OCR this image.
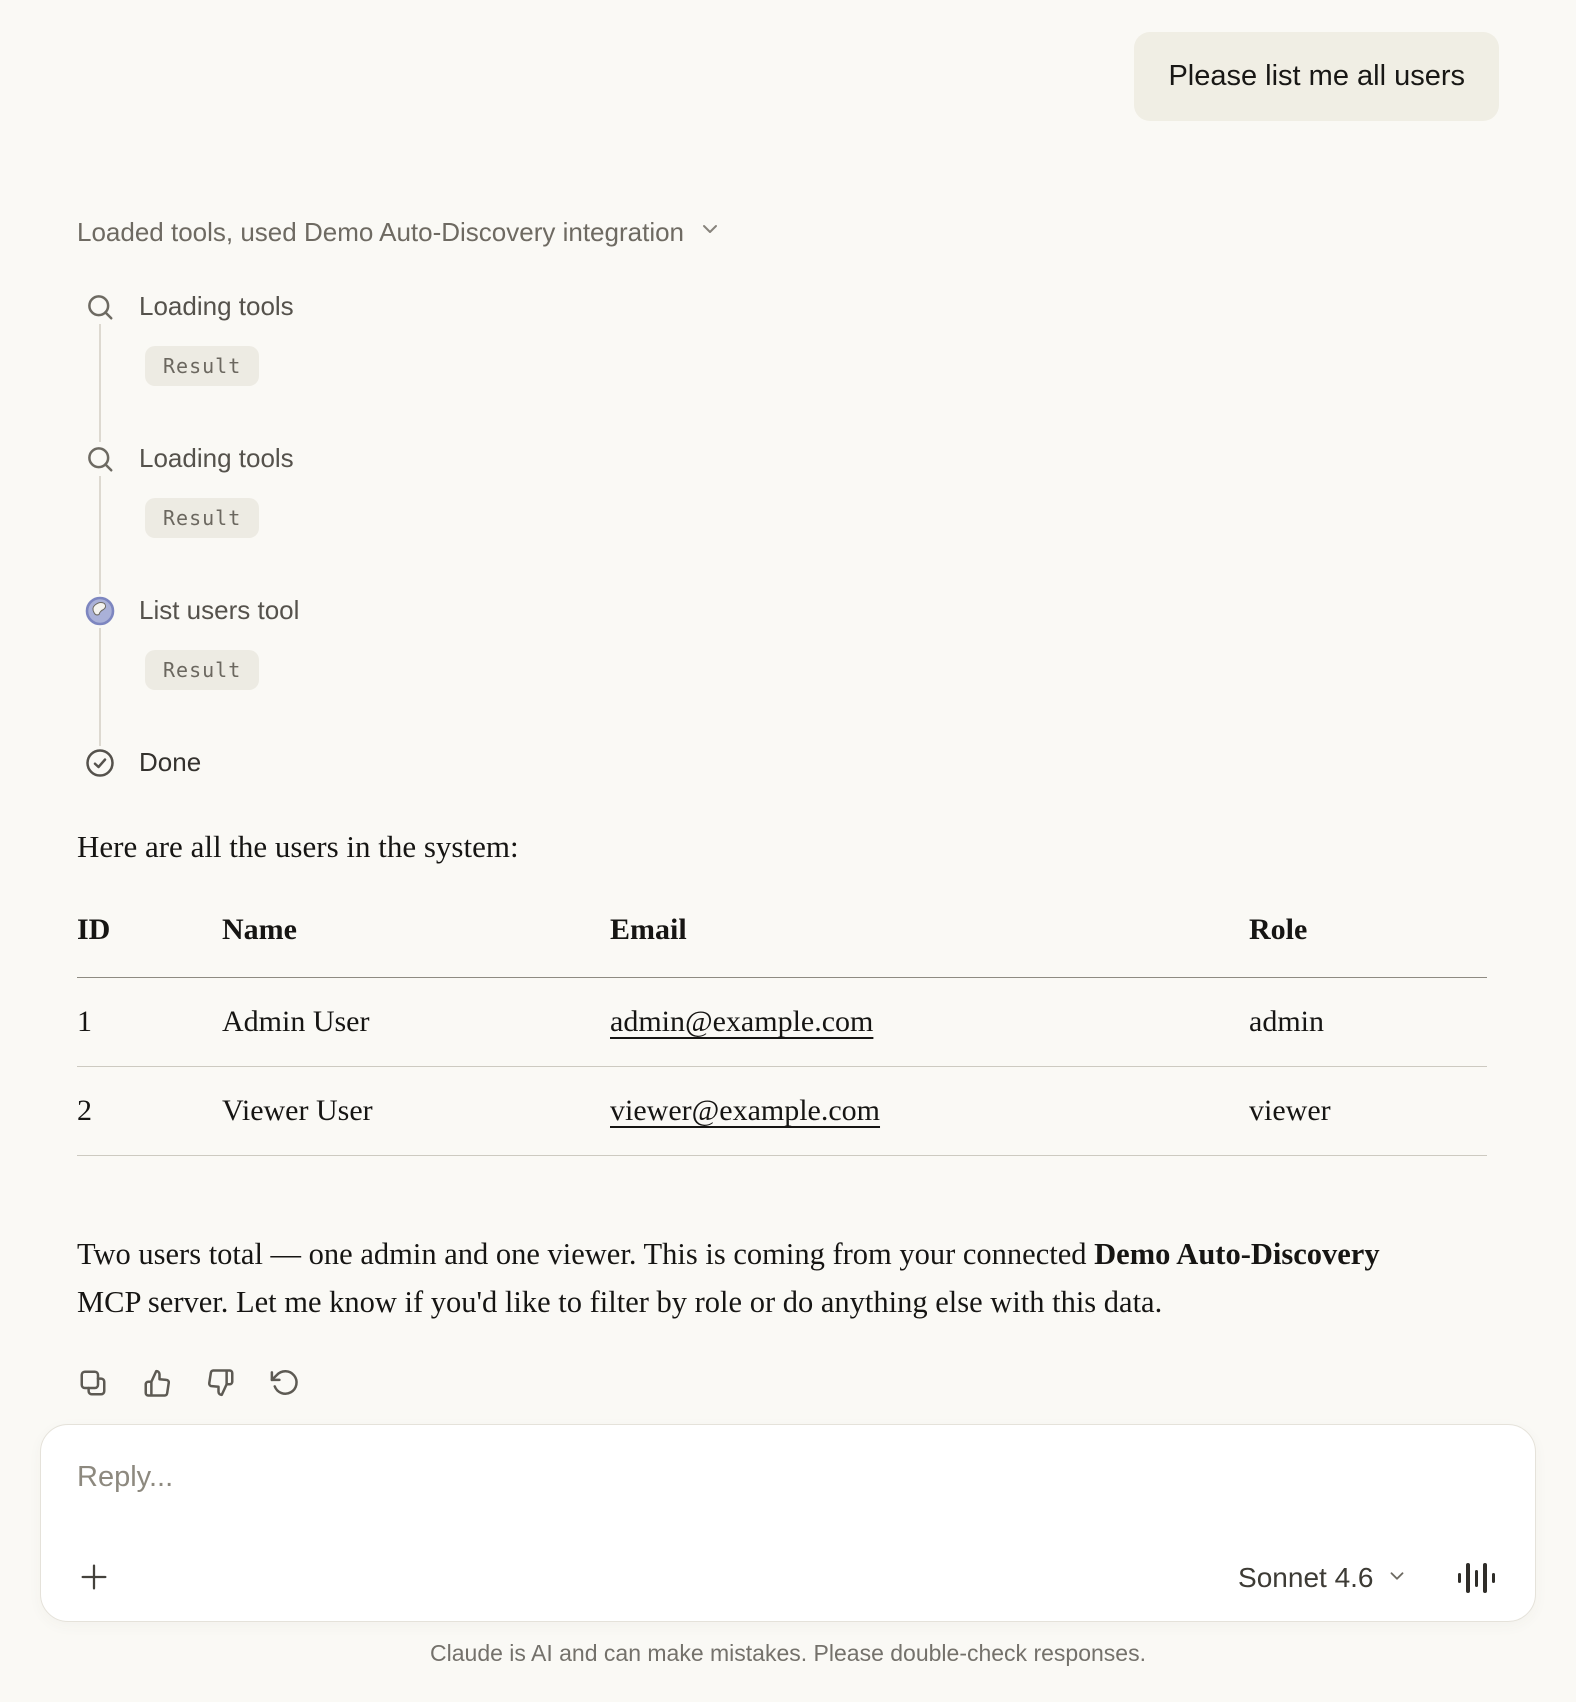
Please list me all users
Loaded tools, used Demo Auto-Discovery integration
Loading tools
Result
Loading tools
Result
List users tool
Result
Done
Here are all the users in the system:
ID	Name	Email	Role
1	Admin User	admin@example.com	admin
2	Viewer User	viewer@example.com	viewer

Two users total — one admin and one viewer. This is coming from your connected Demo Auto-Discovery MCP server. Let me know if you'd like to filter by role or do anything else with this data.

Reply...
Sonnet 4.6
Claude is AI and can make mistakes. Please double-check responses.
